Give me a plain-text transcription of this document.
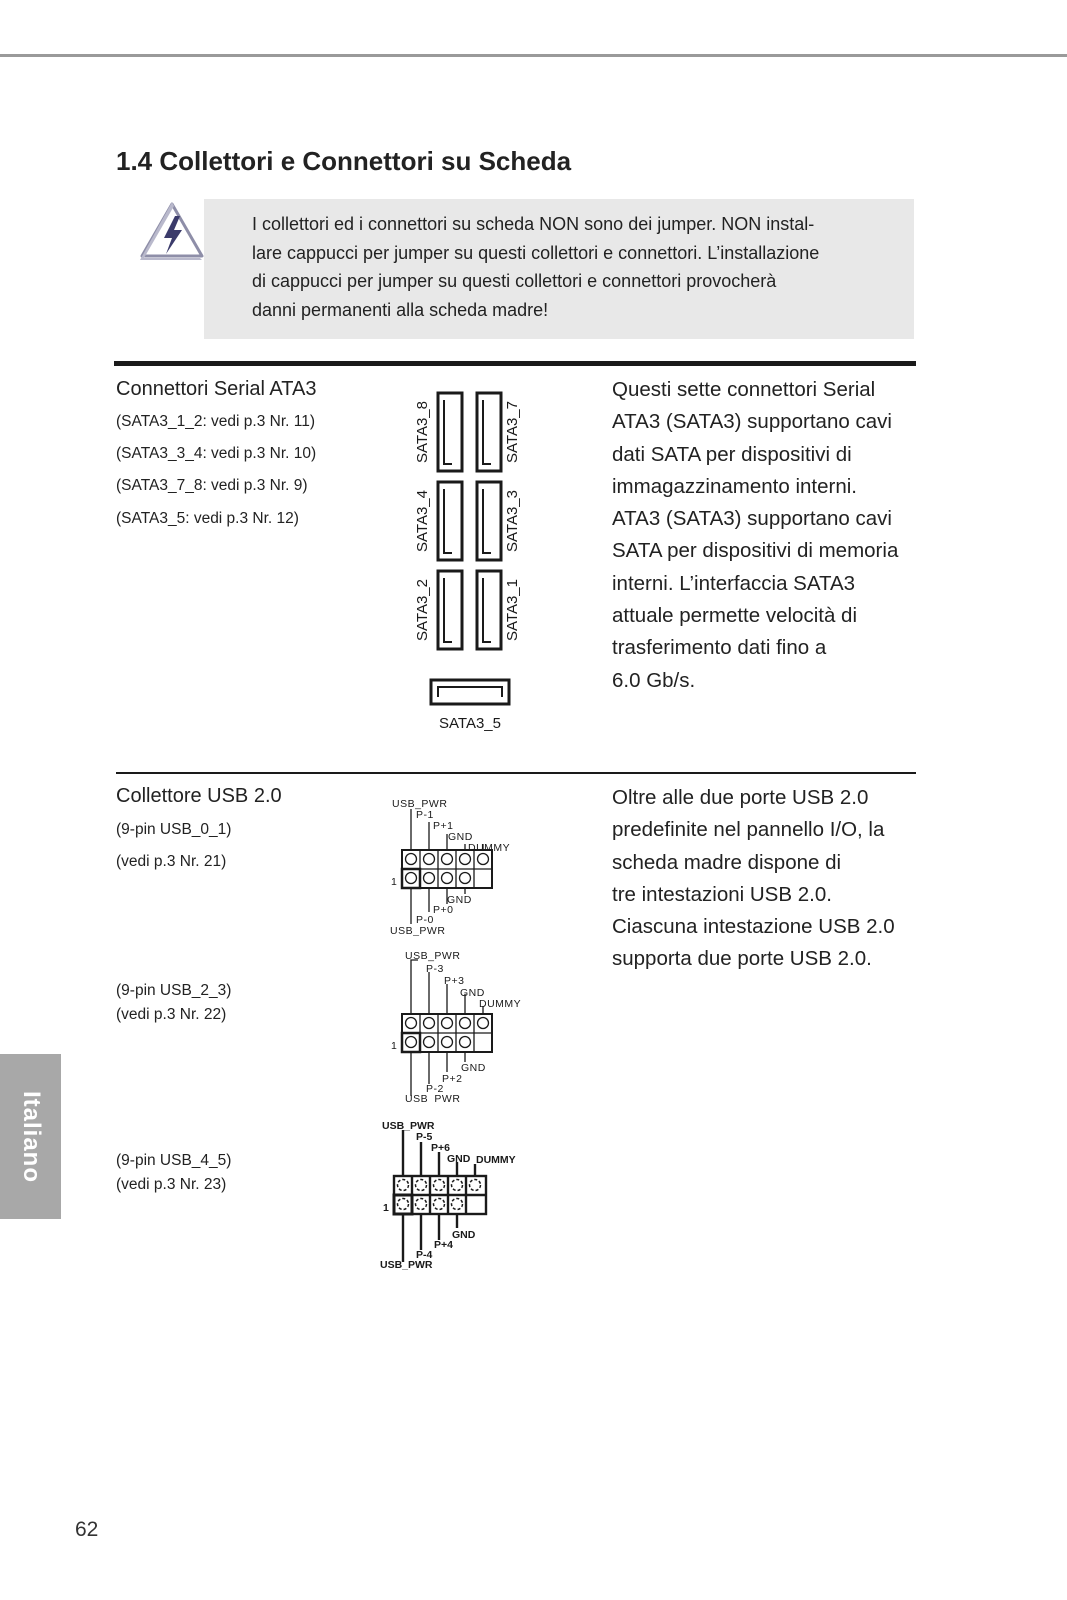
1.4 Collettori e Connettori su Scheda
I collettori ed i connettori su scheda NON sono dei jumper. NON instal-
lare cappucci per jumper su questi collettori e connettori. L’installazione
di cappucci per jumper su questi collettori e connettori provocherà
danni permanenti alla scheda madre!
Connettori Serial ATA3
(SATA3_1_2: vedi p.3 Nr. 11)
(SATA3_3_4: vedi p.3 Nr. 10)
(SATA3_7_8: vedi p.3 Nr. 9)
(SATA3_5: vedi p.3 Nr. 12)
SATA3_8
SATA3_4
SATA3_2
SATA3_7
SATA3_3
SATA3_1
SATA3_5
Questi sette connettori Serial
ATA3 (SATA3) supportano cavi
dati SATA per dispositivi di
immagazzinamento interni.
ATA3 (SATA3) supportano cavi
SATA per dispositivi di memoria
interni. L’interfaccia SATA3
attuale permette velocità di
trasferimento dati fino a
6.0 Gb/s.
Collettore USB 2.0
(9-pin USB_0_1)
(vedi p.3 Nr. 21)
(9-pin USB_2_3)
(vedi p.3 Nr. 22)
(9-pin USB_4_5)
(vedi p.3 Nr. 23)
USB_PWR
P-1
P+1
GND
DUMMY
1
GND
P+0
P-0
USB_PWR
USB_PWR
P-3
P+3
GND
DUMMY
1
GND
P+2
P-2
USB_PWR
USB_PWR
P-5
P+6
GND DUMMY
1
GND
P+4
P-4
USB_PWR
Oltre alle due porte USB 2.0
predefinite nel pannello I/O, la
scheda madre dispone di
tre intestazioni USB 2.0.
Ciascuna intestazione USB 2.0
supporta due porte USB 2.0.
Italiano
62
